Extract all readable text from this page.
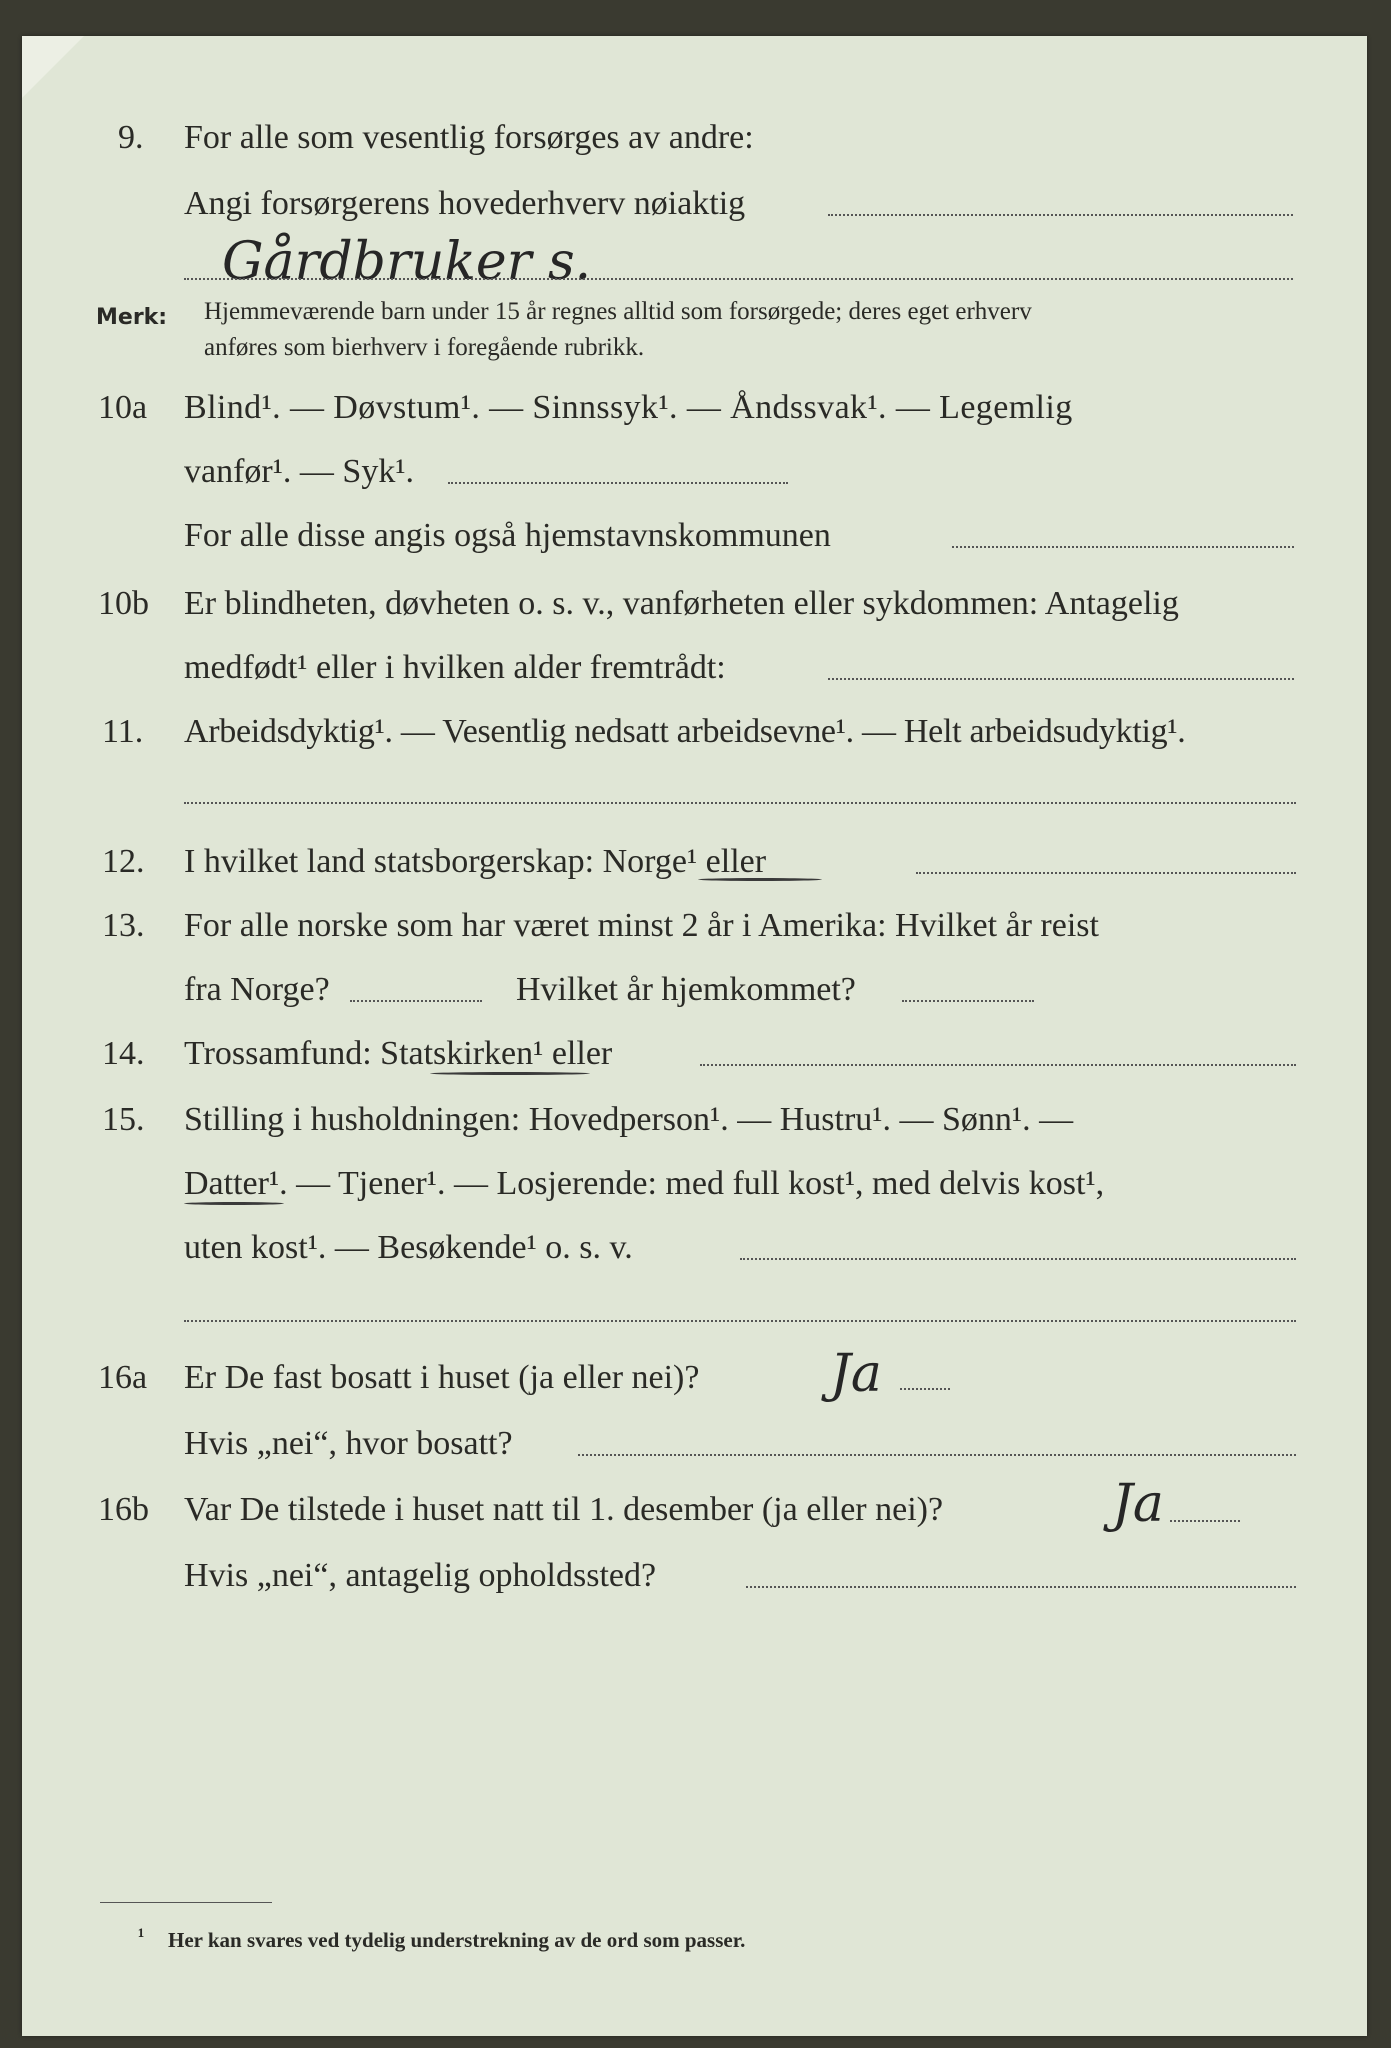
9. For alle som vesentlig forsørges av andre:
Angi forsørgerens hovederhverv nøiaktig
Gårdbruker s.
Merk: Hjemmeværende barn under 15 år regnes alltid som forsørgede; deres eget erhverv
anføres som bierhverv i foregående rubrikk.
10a Blind¹. — Døvstum¹. — Sinnssyk¹. — Åndssvak¹. — Legemlig
vanfør¹. — Syk¹.
For alle disse angis også hjemstavnskommunen
10b Er blindheten, døvheten o. s. v., vanførheten eller sykdommen: Antagelig
medfødt¹ eller i hvilken alder fremtrådt:
11. Arbeidsdyktig¹. — Vesentlig nedsatt arbeidsevne¹. — Helt arbeidsudyktig¹.
12. I hvilket land statsborgerskap: Norge¹ eller
13. For alle norske som har været minst 2 år i Amerika: Hvilket år reist
fra Norge?	Hvilket år hjemkommet?
14. Trossamfund: Statskirken¹ eller
15. Stilling i husholdningen: Hovedperson¹. — Hustru¹. — Sønn¹. —
Datter¹. — Tjener¹. — Losjerende: med full kost¹, med delvis kost¹,
uten kost¹. — Besøkende¹ o. s. v.
16a Er De fast bosatt i huset (ja eller nei)?	Ja
Hvis „nei“, hvor bosatt?
16b Var De tilstede i huset natt til 1. desember (ja eller nei)?	Ja
Hvis „nei“, antagelig opholdssted?
¹ Her kan svares ved tydelig understrekning av de ord som passer.
